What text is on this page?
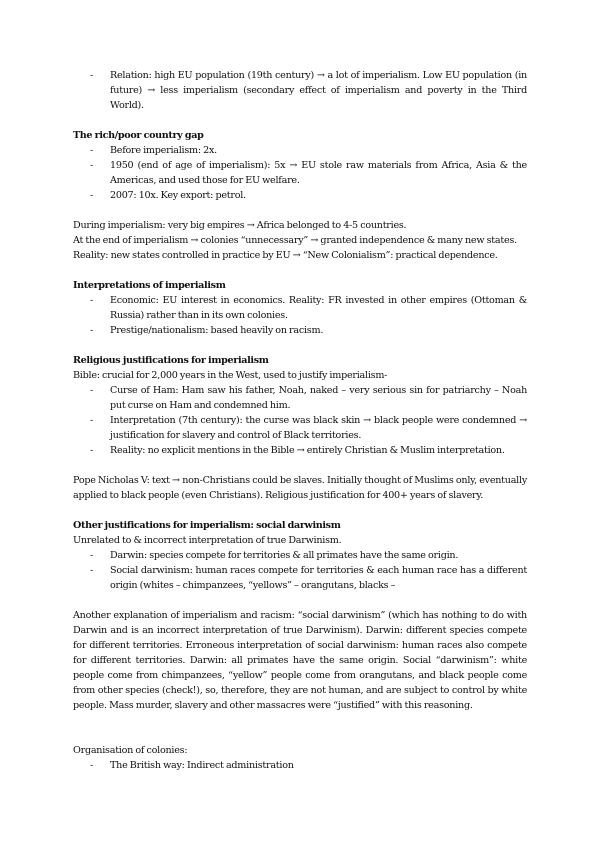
-	Relation: high EU population (19th century) → a lot of imperialism. Low EU population (in future) → less imperialism (secondary effect of imperialism and poverty in the Third World).
The rich/poor country gap
-	Before imperialism: 2x.
-	1950 (end of age of imperialism): 5x → EU stole raw materials from Africa, Asia & the Americas, and used those for EU welfare.
-	2007: 10x. Key export: petrol.
During imperialism: very big empires → Africa belonged to 4-5 countries.
At the end of imperialism → colonies “unnecessary” → granted independence & many new states.
Reality: new states controlled in practice by EU → “New Colonialism”: practical dependence.
Interpretations of imperialism
-	Economic: EU interest in economics. Reality: FR invested in other empires (Ottoman & Russia) rather than in its own colonies.
-	Prestige/nationalism: based heavily on racism.
Religious justifications for imperialism
Bible: crucial for 2,000 years in the West, used to justify imperialism-
-	Curse of Ham: Ham saw his father, Noah, naked – very serious sin for patriarchy – Noah put curse on Ham and condemned him.
-	Interpretation (7th century): the curse was black skin → black people were condemned → justification for slavery and control of Black territories.
-	Reality: no explicit mentions in the Bible → entirely Christian & Muslim interpretation.
Pope Nicholas V: text → non-Christians could be slaves. Initially thought of Muslims only, eventually applied to black people (even Christians). Religious justification for 400+ years of slavery.
Other justifications for imperialism: social darwinism
Unrelated to & incorrect interpretation of true Darwinism.
-	Darwin: species compete for territories & all primates have the same origin.
-	Social darwinism: human races compete for territories & each human race has a different origin (whites – chimpanzees, “yellows” – orangutans, blacks –
Another explanation of imperialism and racism: “social darwinism” (which has nothing to do with Darwin and is an incorrect interpretation of true Darwinism). Darwin: different species compete for different territories. Erroneous interpretation of social darwinism: human races also compete for different territories. Darwin: all primates have the same origin. Social “darwinism”: white people come from chimpanzees, “yellow” people come from orangutans, and black people come from other species (check!), so, therefore, they are not human, and are subject to control by white people. Mass murder, slavery and other massacres were “justified” with this reasoning.
Organisation of colonies:
-	The British way: Indirect administration
